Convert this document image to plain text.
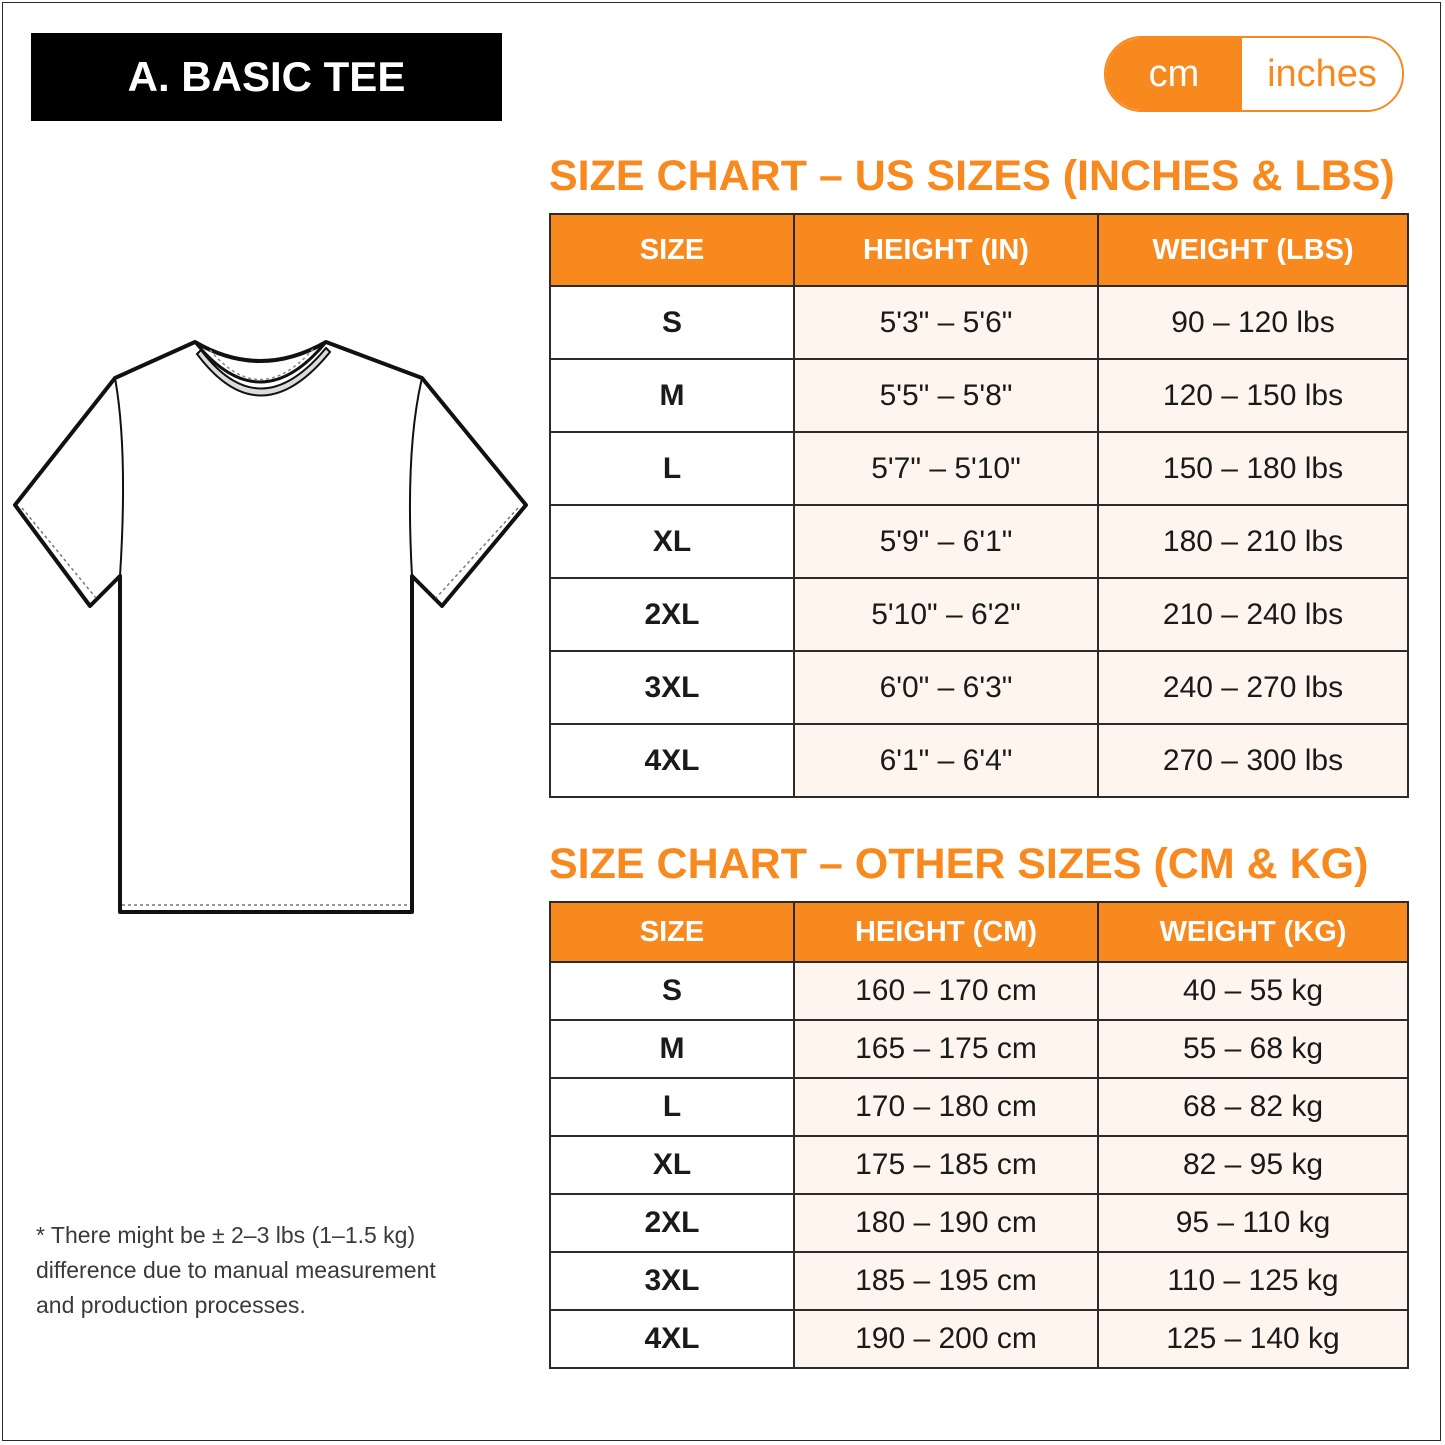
A. BASIC TEE	cm	inches
SIZE CHART – US SIZES (INCHES & LBS)
SIZE	HEIGHT (IN)	WEIGHT (LBS)
S	5'3" – 5'6"	90 – 120 lbs
M	5'5" – 5'8"	120 – 150 lbs
L	5'7" – 5'10"	150 – 180 lbs
XL	5'9" – 6'1"	180 – 210 lbs
2XL	5'10" – 6'2"	210 – 240 lbs
3XL	6'0" – 6'3"	240 – 270 lbs
4XL	6'1" – 6'4"	270 – 300 lbs
SIZE CHART – OTHER SIZES (CM & KG)
SIZE	HEIGHT (CM)	WEIGHT (KG)
S	160 – 170 cm	40 – 55 kg
M	165 – 175 cm	55 – 68 kg
L	170 – 180 cm	68 – 82 kg
XL	175 – 185 cm	82 – 95 kg
2XL	180 – 190 cm	95 – 110 kg
3XL	185 – 195 cm	110 – 125 kg
4XL	190 – 200 cm	125 – 140 kg
* There might be ± 2–3 lbs (1–1.5 kg)
difference due to manual measurement
and production processes.
